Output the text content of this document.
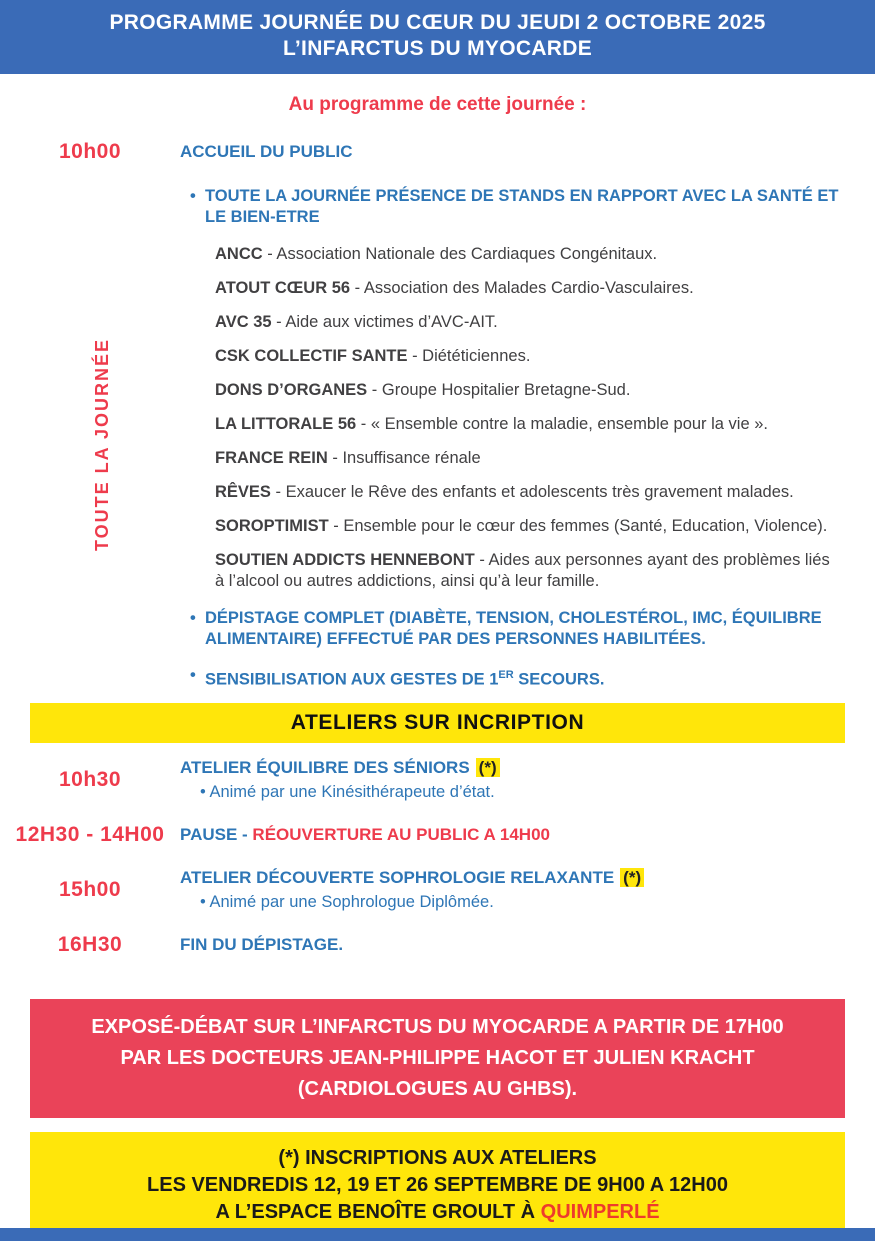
PROGRAMME JOURNÉE DU CŒUR DU JEUDI 2 OCTOBRE 2025
L’INFARCTUS DU MYOCARDE
Au programme de cette journée :
TOUTE LA JOURNÉE
10h00	ACCUEIL DU PUBLIC
• TOUTE LA JOURNÉE PRÉSENCE DE STANDS EN RAPPORT AVEC LA SANTÉ ET LE BIEN-ETRE
ANCC - Association Nationale des Cardiaques Congénitaux.
ATOUT CŒUR 56 - Association des Malades Cardio-Vasculaires.
AVC 35 - Aide aux victimes d’AVC-AIT.
CSK COLLECTIF SANTE - Diététiciennes.
DONS D’ORGANES - Groupe Hospitalier Bretagne-Sud.
LA LITTORALE 56 - « Ensemble contre la maladie, ensemble pour la vie ».
FRANCE REIN - Insuffisance rénale
RÊVES - Exaucer le Rêve des enfants et adolescents très gravement malades.
SOROPTIMIST - Ensemble pour le cœur des femmes (Santé, Education, Violence).
SOUTIEN ADDICTS HENNEBONT - Aides aux personnes ayant des problèmes liés à l’alcool ou autres addictions, ainsi qu’à leur famille.
• DÉPISTAGE COMPLET (DIABÈTE, TENSION, CHOLESTÉROL, IMC, ÉQUILIBRE ALIMENTAIRE) EFFECTUÉ PAR DES PERSONNES HABILITÉES.
• SENSIBILISATION AUX GESTES DE 1ER SECOURS.
ATELIERS SUR INCRIPTION
10h30
ATELIER ÉQUILIBRE DES SÉNIORS (*)
• Animé par une Kinésithérapeute d’état.
12H30 - 14H00 PAUSE - RÉOUVERTURE AU PUBLIC A 14H00
15h00
ATELIER DÉCOUVERTE SOPHROLOGIE RELAXANTE (*)
• Animé par une Sophrologue Diplômée.
16H30	FIN DU DÉPISTAGE.
EXPOSÉ-DÉBAT SUR L’INFARCTUS DU MYOCARDE A PARTIR DE 17H00 PAR LES DOCTEURS JEAN-PHILIPPE HACOT ET JULIEN KRACHT (CARDIOLOGUES AU GHBS).
(*) INSCRIPTIONS AUX ATELIERS
LES VENDREDIS 12, 19 ET 26 SEPTEMBRE DE 9H00 A 12H00
A L’ESPACE BENOÎTE GROULT À QUIMPERLÉ
